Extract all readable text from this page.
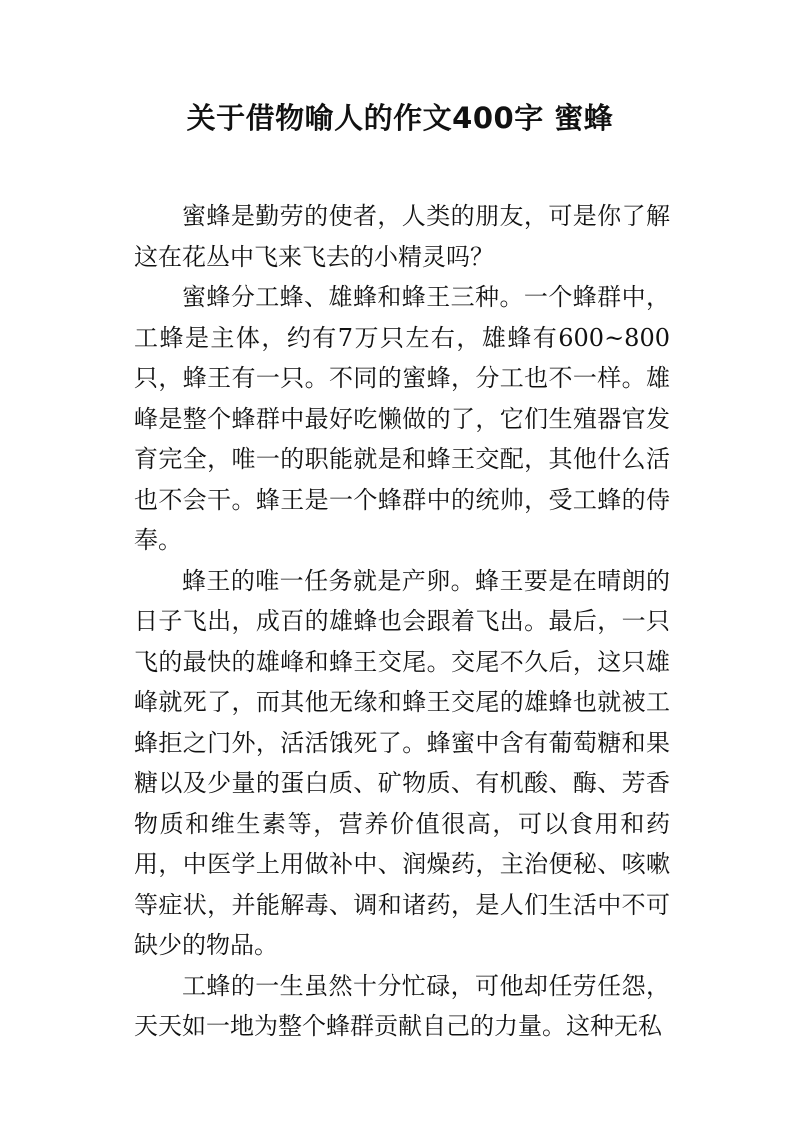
关于借物喻人的作文400字 蜜蜂

蜜蜂是勤劳的使者，人类的朋友，可是你了解这在花丛中飞来飞去的小精灵吗？

蜜蜂分工蜂、雄蜂和蜂王三种。一个蜂群中，工蜂是主体，约有7万只左右，雄蜂有600~800只，蜂王有一只。不同的蜜蜂，分工也不一样。雄峰是整个蜂群中最好吃懒做的了，它们生殖器官发育完全，唯一的职能就是和蜂王交配，其他什么活也不会干。蜂王是一个蜂群中的统帅，受工蜂的侍奉。

蜂王的唯一任务就是产卵。蜂王要是在晴朗的日子飞出，成百的雄蜂也会跟着飞出。最后，一只飞的最快的雄峰和蜂王交尾。交尾不久后，这只雄峰就死了，而其他无缘和蜂王交尾的雄蜂也就被工蜂拒之门外，活活饿死了。蜂蜜中含有葡萄糖和果糖以及少量的蛋白质、矿物质、有机酸、酶、芳香物质和维生素等，营养价值很高，可以食用和药用，中医学上用做补中、润燥药，主治便秘、咳嗽等症状，并能解毒、调和诸药，是人们生活中不可缺少的物品。

工蜂的一生虽然十分忙碌，可他却任劳任怨，天天如一地为整个蜂群贡献自己的力量。这种无私
